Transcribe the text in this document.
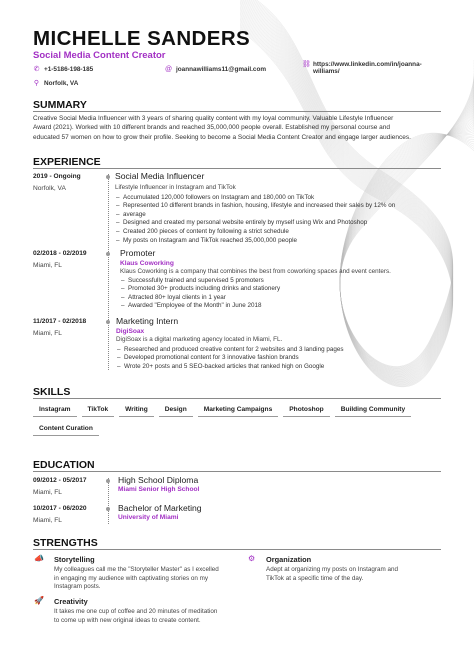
MICHELLE SANDERS
Social Media Content Creator
✆ +1-5186-198-185	@ joannawilliams11@gmail.com
⛓ https://www.linkedin.com/in/joanna-
williams/
⚲ Norfolk, VA
SUMMARY
Creative Social Media Influencer with 3 years of sharing quality content with my loyal community. Valuable Lifestyle Influencer
Award (2021). Worked with 10 different brands and reached 35,000,000 people overall. Established my personal course and
educated 57 women on how to grow their profile. Seeking to become a Social Media Content Creator and engage larger audiences.
EXPERIENCE
2019 - Ongoing
Norfolk, VA
Social Media Influencer
Lifestyle Influencer in Instagram and TikTok
– Accumulated 120,000 followers on Instagram and 180,000 on TikTok
– Represented 10 different brands in fashion, housing, lifestyle and increased their sales by 12% on
– average
– Designed and created my personal website entirely by myself using Wix and Photoshop
– Created 200 pieces of content by following a strict schedule
– My posts on Instagram and TikTok reached 35,000,000 people
02/2018 - 02/2019
Miami, FL
Promoter
Klaus Coworking
Klaus Coworking is a company that combines the best from coworking spaces and event centers.
– Successfully trained and supervised 5 promoters
– Promoted 30+ products including drinks and stationery
– Attracted 80+ loyal clients in 1 year
– Awarded "Employee of the Month" in June 2018
11/2017 - 02/2018
Miami, FL
Marketing Intern
DigiSoax
DigiSoax is a digital marketing agency located in Miami, FL.
– Researched and produced creative content for 2 websites and 3 landing pages
– Developed promotional content for 3 innovative fashion brands
– Wrote 20+ posts and 5 SEO-backed articles that ranked high on Google
SKILLS
Instagram	TikTok	Writing	Design	Marketing Campaigns	Photoshop	Building Community
Content Curation
EDUCATION
09/2012 - 05/2017
Miami, FL
High School Diploma
Miami Senior High School
10/2017 - 06/2020
Miami, FL
Bachelor of Marketing
University of Miami
STRENGTHS
📣 Storytelling
My colleagues call me the "Storyteller Master" as I excelled
in engaging my audience with captivating stories on my
Instagram posts.
⚙ Organization
Adept at organizing my posts on Instagram and
TikTok at a specific time of the day.
🚀 Creativity
It takes me one cup of coffee and 20 minutes of meditation
to come up with new original ideas to create content.
